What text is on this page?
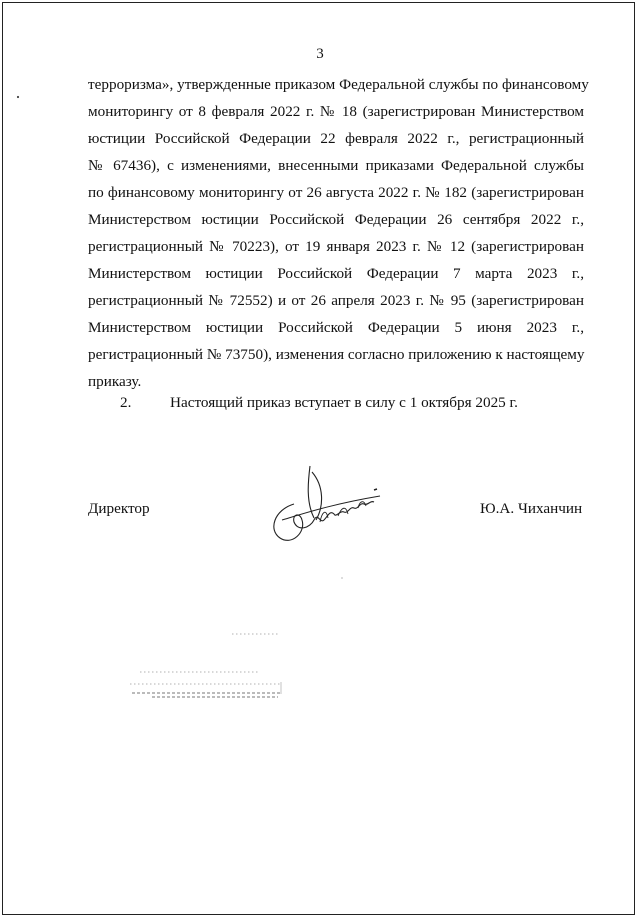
3
терроризма», утвержденные приказом Федеральной службы по финансовому
мониторингу от 8 февраля 2022 г. № 18 (зарегистрирован Министерством
юстиции Российской Федерации 22 февраля 2022 г., регистрационный
№ 67436), с изменениями, внесенными приказами Федеральной службы
по финансовому мониторингу от 26 августа 2022 г. № 182 (зарегистрирован
Министерством юстиции Российской Федерации 26 сентября 2022 г.,
регистрационный № 70223), от 19 января 2023 г. № 12 (зарегистрирован
Министерством юстиции Российской Федерации 7 марта 2023 г.,
регистрационный № 72552) и от 26 апреля 2023 г. № 95 (зарегистрирован
Министерством юстиции Российской Федерации 5 июня 2023 г.,
регистрационный № 73750), изменения согласно приложению к настоящему
приказу.
2.	Настоящий приказ вступает в силу с 1 октября 2025 г.
Директор	Ю.А. Чиханчин
